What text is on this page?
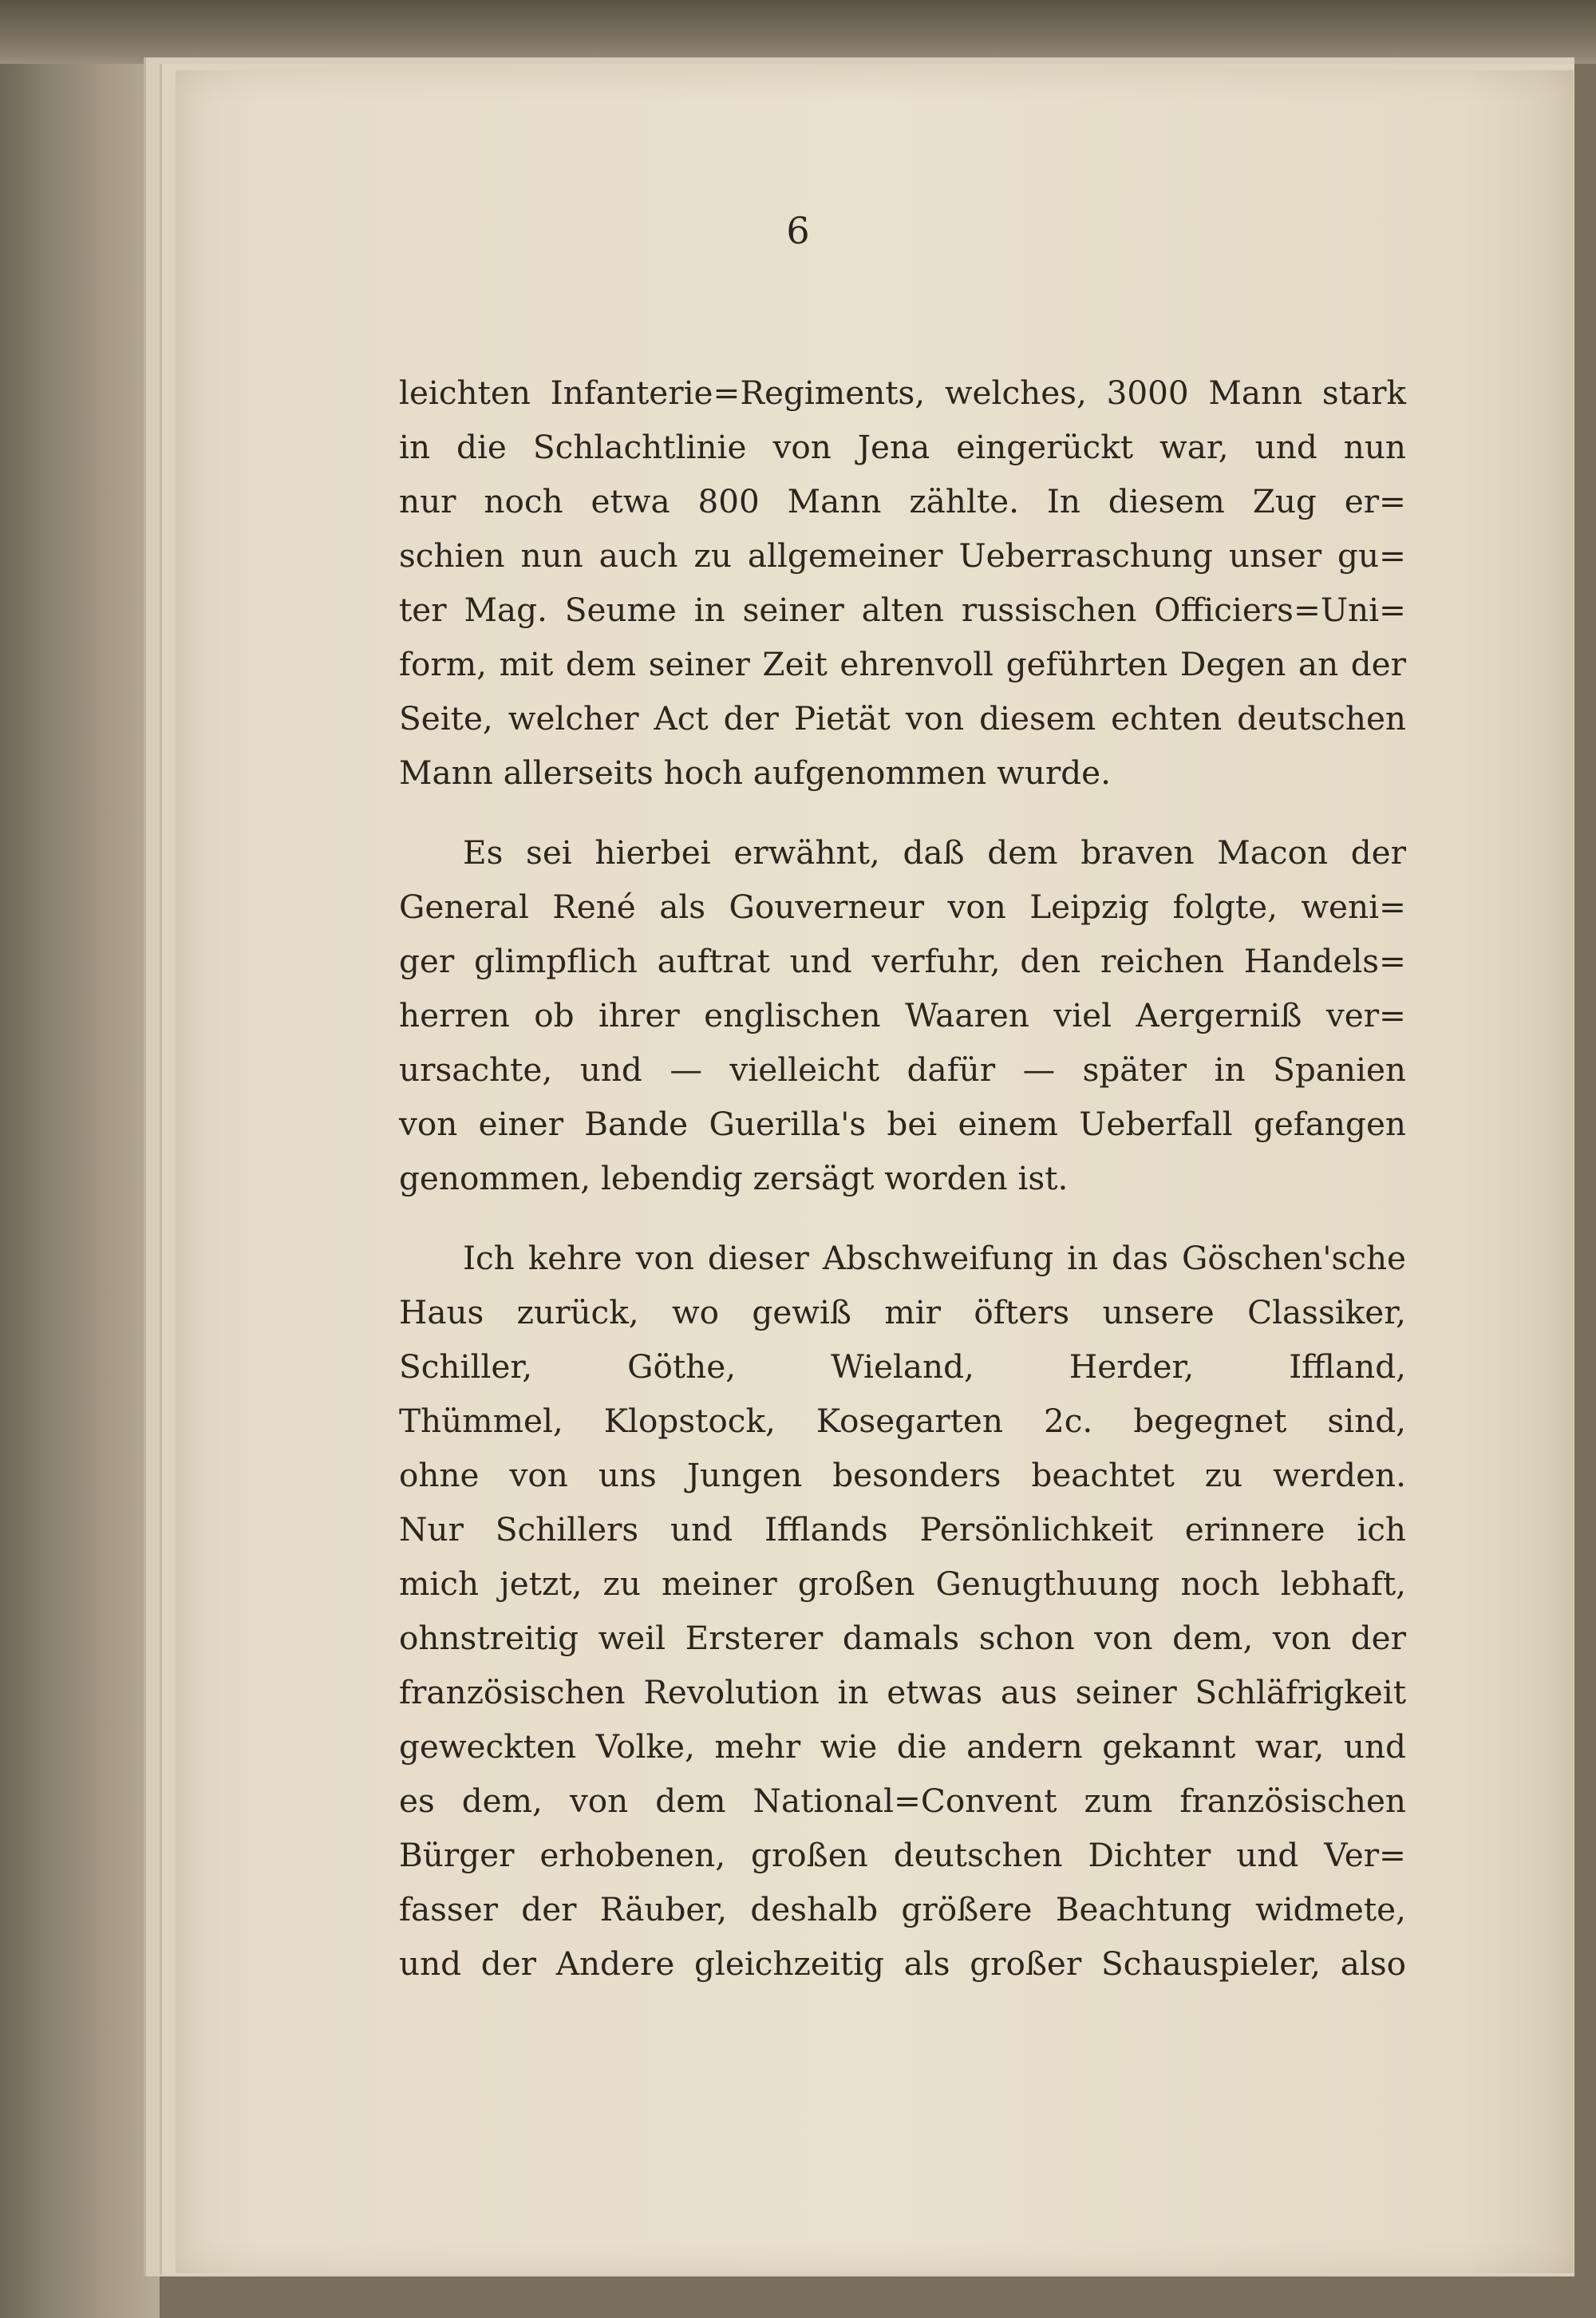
6
leichten Infanterie=Regiments, welches, 3000 Mann stark
in die Schlachtlinie von Jena eingerückt war, und nun
nur noch etwa 800 Mann zählte. In diesem Zug er=
schien nun auch zu allgemeiner Ueberraschung unser gu=
ter Mag. Seume in seiner alten russischen Officiers=Uni=
form, mit dem seiner Zeit ehrenvoll geführten Degen an der
Seite, welcher Act der Pietät von diesem echten deutschen
Mann allerseits hoch aufgenommen wurde.
Es sei hierbei erwähnt, daß dem braven Macon der
General René als Gouverneur von Leipzig folgte, weni=
ger glimpflich auftrat und verfuhr, den reichen Handels=
herren ob ihrer englischen Waaren viel Aergerniß ver=
ursachte, und — vielleicht dafür — später in Spanien
von einer Bande Guerilla's bei einem Ueberfall gefangen
genommen, lebendig zersägt worden ist.
Ich kehre von dieser Abschweifung in das Göschen'sche
Haus zurück, wo gewiß mir öfters unsere Classiker,
Schiller, Göthe, Wieland, Herder, Iffland,
Thümmel, Klopstock, Kosegarten 2c. begegnet sind,
ohne von uns Jungen besonders beachtet zu werden.
Nur Schillers und Ifflands Persönlichkeit erinnere ich
mich jetzt, zu meiner großen Genugthuung noch lebhaft,
ohnstreitig weil Ersterer damals schon von dem, von der
französischen Revolution in etwas aus seiner Schläfrigkeit
geweckten Volke, mehr wie die andern gekannt war, und
es dem, von dem National=Convent zum französischen
Bürger erhobenen, großen deutschen Dichter und Ver=
fasser der Räuber, deshalb größere Beachtung widmete,
und der Andere gleichzeitig als großer Schauspieler, also
